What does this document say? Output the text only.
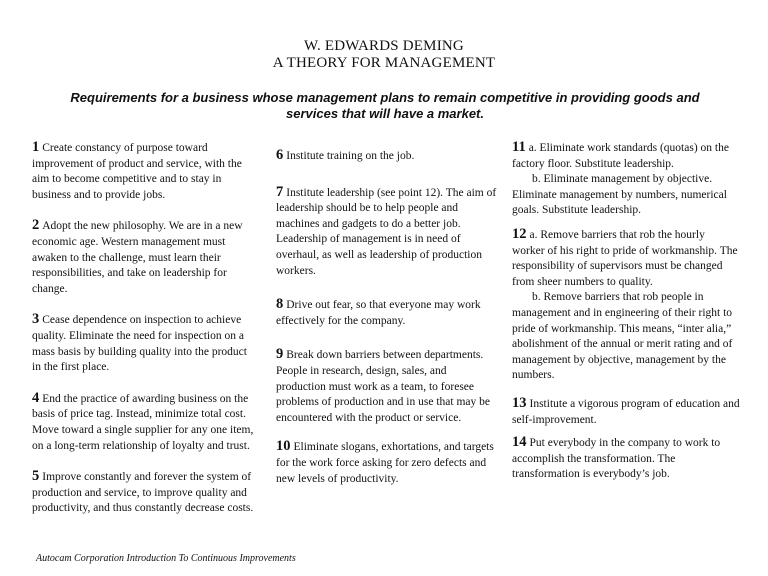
W. EDWARDS DEMING
A THEORY FOR MANAGEMENT
Requirements for a business whose management plans to remain competitive in providing goods and services that will have a market.

1 Create constancy of purpose toward improvement of product and service, with the aim to become competitive and to stay in business and to provide jobs.

2 Adopt the new philosophy. We are in a new economic age. Western management must awaken to the challenge, must learn their responsibilities, and take on leadership for change.

3 Cease dependence on inspection to achieve quality. Eliminate the need for inspection on a mass basis by building quality into the product in the first place.

4 End the practice of awarding business on the basis of price tag. Instead, minimize total cost. Move toward a single supplier for any one item, on a long-term relationship of loyalty and trust.

5 Improve constantly and forever the system of production and service, to improve quality and productivity, and thus constantly decrease costs.

6 Institute training on the job.

7 Institute leadership (see point 12). The aim of leadership should be to help people and machines and gadgets to do a better job. Leadership of management is in need of overhaul, as well as leadership of production workers.

8 Drive out fear, so that everyone may work effectively for the company.

9 Break down barriers between departments. People in research, design, sales, and production must work as a team, to foresee problems of production and in use that may be encountered with the product or service.

10 Eliminate slogans, exhortations, and targets for the work force asking for zero defects and new levels of productivity.

11 a. Eliminate work standards (quotas) on the factory floor. Substitute leadership.
b. Eliminate management by objective. Eliminate management by numbers, numerical goals. Substitute leadership.

12 a. Remove barriers that rob the hourly worker of his right to pride of workmanship. The responsibility of supervisors must be changed from sheer numbers to quality.
b. Remove barriers that rob people in management and in engineering of their right to pride of workmanship. This means, “inter alia,” abolishment of the annual or merit rating and of management by objective, management by the numbers.

13 Institute a vigorous program of education and self-improvement.

14 Put everybody in the company to work to accomplish the transformation. The transformation is everybody’s job.

Autocam Corporation Introduction To Continuous Improvements
